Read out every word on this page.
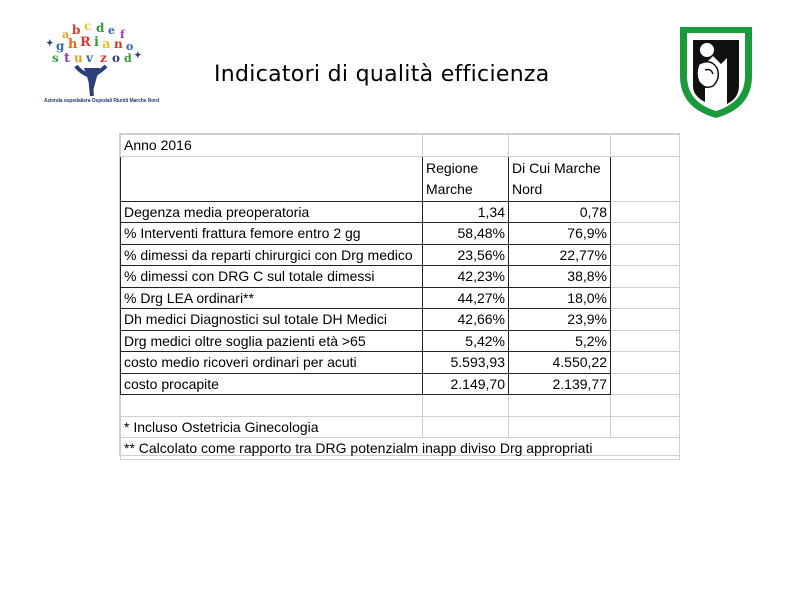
a b c d e f
g h R i a n o
s t u v z o d ✦
✦
Azienda ospedaliera Ospedali Riuniti Marche Nord
Indicatori di qualità efficienza
Anno 2016			
	Regione Marche	Di Cui Marche Nord	
Degenza media preoperatoria	1,34	0,78	
% Interventi frattura femore entro 2 gg	58,48%	76,9%	
% dimessi da reparti chirurgici con Drg medico	23,56%	22,77%	
% dimessi con DRG C sul totale dimessi	42,23%	38,8%	
% Drg LEA ordinari**	44,27%	18,0%	
Dh medici Diagnostici sul totale DH Medici	42,66%	23,9%	
Drg medici oltre soglia pazienti età >65	5,42%	5,2%	
costo medio ricoveri ordinari per acuti	5.593,93	4.550,22	
costo procapite	2.149,70	2.139,77	

* Incluso Ostetricia Ginecologia			
** Calcolato come rapporto tra DRG potenzialm inapp diviso Drg appropriati			
